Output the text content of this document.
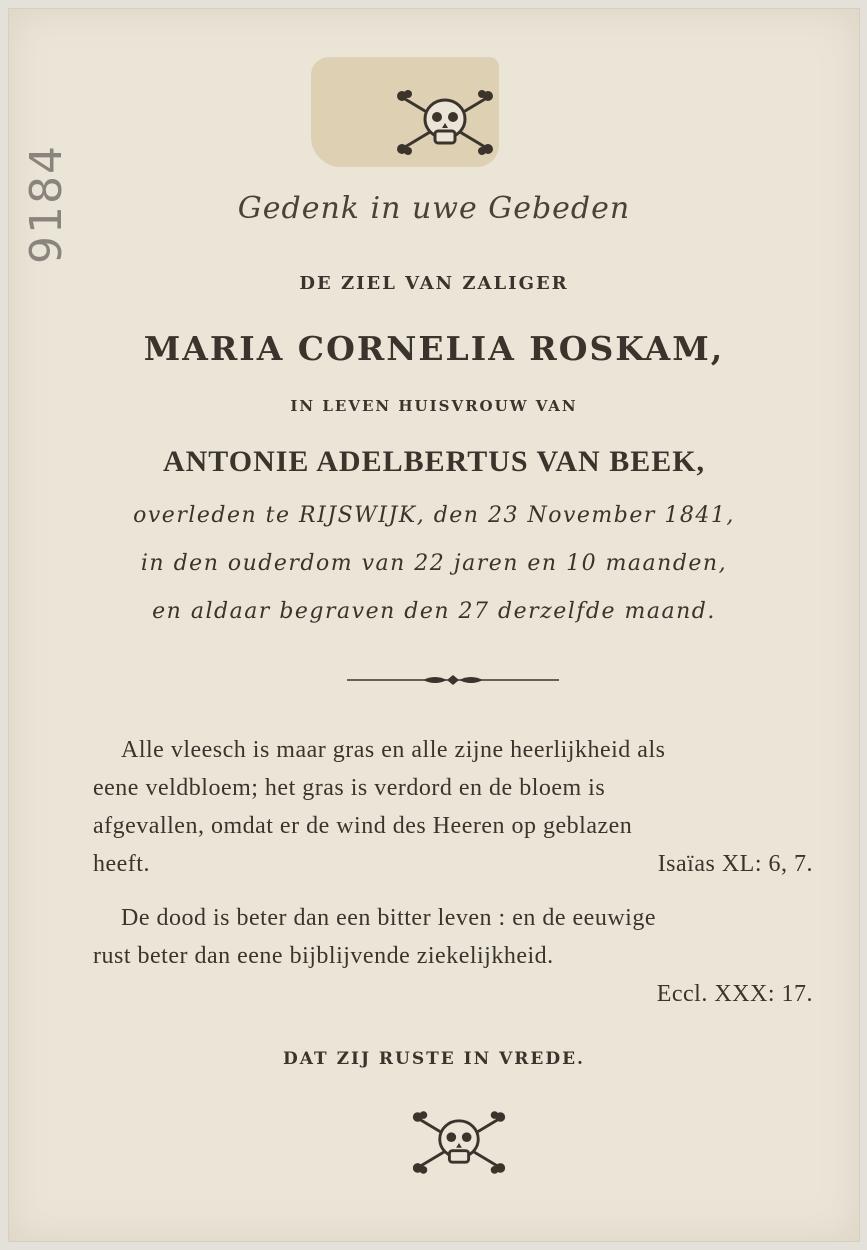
9184	Gedenk in uwe Gebeden
DE ZIEL VAN ZALIGER
MARIA CORNELIA ROSKAM,
IN LEVEN HUISVROUW VAN
ANTONIE ADELBERTUS VAN BEEK,
overleden te RIJSWIJK, den 23 November 1841,
in den ouderdom van 22 jaren en 10 maanden,
en aldaar begraven den 27 derzelfde maand.
Alle vleesch is maar gras en alle zijne heerlijkheid als
eene veldbloem; het gras is verdord en de bloem is
afgevallen, omdat er de wind des Heeren op geblazen
heeft.	Isaïas XL: 6, 7.
De dood is beter dan een bitter leven : en de eeuwige
rust beter dan eene bijblijvende ziekelijkheid.
Eccl. XXX: 17.
DAT ZIJ RUSTE IN VREDE.
